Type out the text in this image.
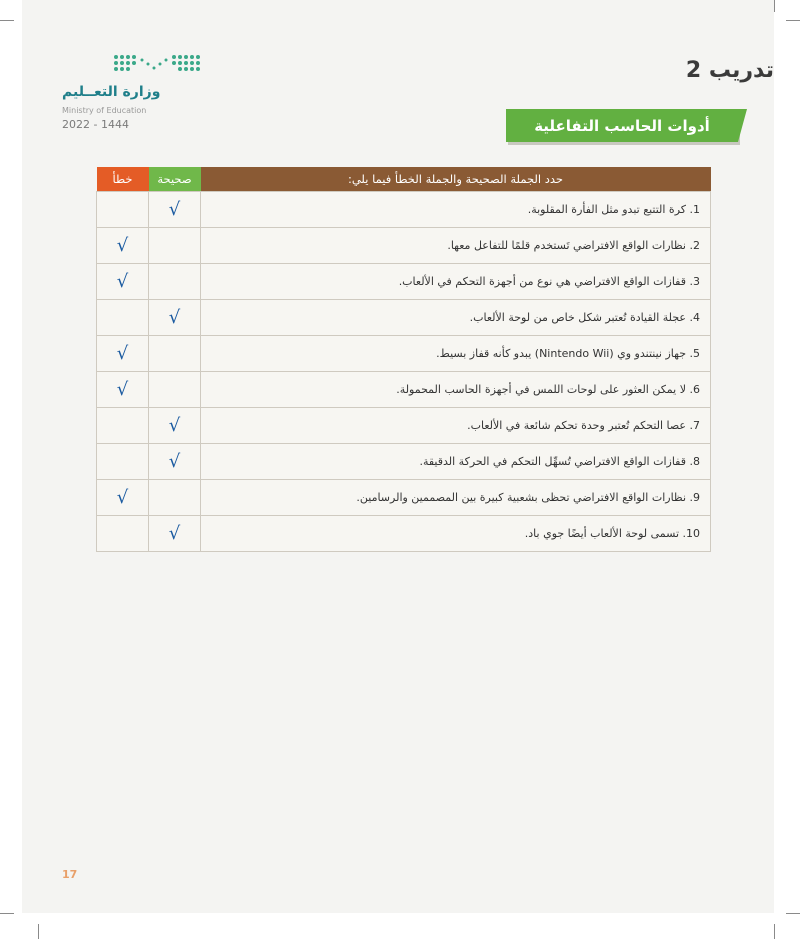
وزارة التعــليم
Ministry of Education
2022 - 1444
تدريب 2
أدوات الحاسب التفاعلية
خطأ	صحيحة	حدد الجملة الصحيحة والجملة الخطأ فيما يلي:
	√	1. كرة التتبع تبدو مثل الفأرة المقلوبة.
√		2. نظارات الواقع الافتراضي تَستخدم قلمًا للتفاعل معها.
√		3. قفازات الواقع الافتراضي هي نوع من أجهزة التحكم في الألعاب.
	√	4. عجلة القيادة تُعتبر شكل خاص من لوحة الألعاب.
√		5. جهاز نينتندو وي (Nintendo Wii) يبدو كأنه قفاز بسيط.
√		6. لا يمكن العثور على لوحات اللمس في أجهزة الحاسب المحمولة.
	√	7. عصا التحكم تُعتبر وحدة تحكم شائعة في الألعاب.
	√	8. قفازات الواقع الافتراضي تُسهِّل التحكم في الحركة الدقيقة.
√		9. نظارات الواقع الافتراضي تحظى بشعبية كبيرة بين المصممين والرسامين.
	√	10. تسمى لوحة الألعاب أيضًا جوي باد.
17
